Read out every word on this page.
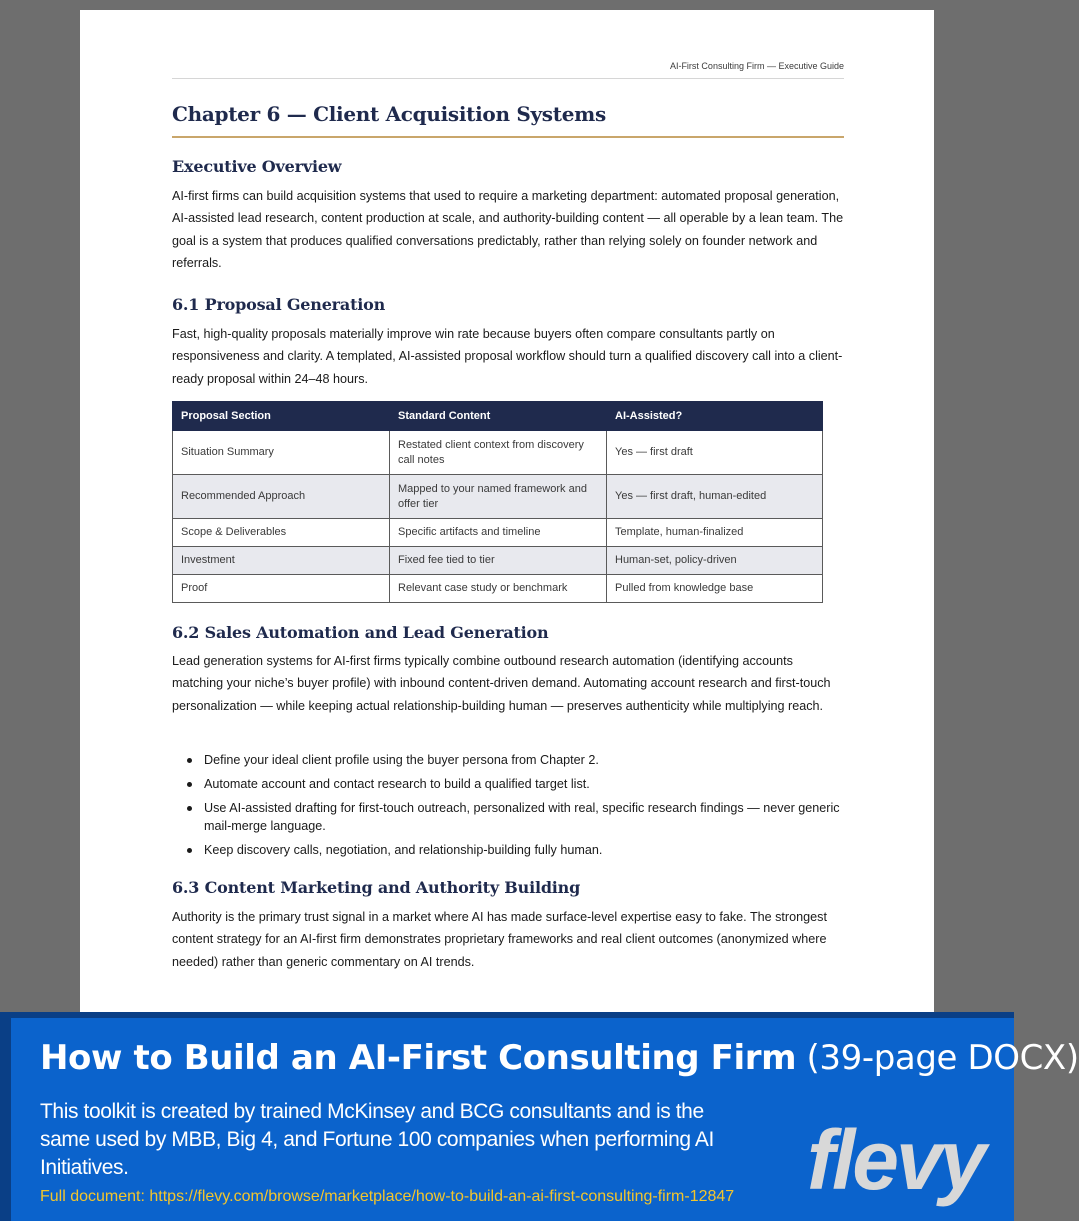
AI-First Consulting Firm — Executive Guide
Chapter 6 — Client Acquisition Systems
Executive Overview

AI-first firms can build acquisition systems that used to require a marketing department: automated proposal generation, AI-assisted lead research, content production at scale, and authority-building content — all operable by a lean team. The goal is a system that produces qualified conversations predictably, rather than relying solely on founder network and referrals.

6.1 Proposal Generation

Fast, high-quality proposals materially improve win rate because buyers often compare consultants partly on responsiveness and clarity. A templated, AI-assisted proposal workflow should turn a qualified discovery call into a client-ready proposal within 24–48 hours.

Proposal Section	Standard Content	AI-Assisted?
Situation Summary	Restated client context from discovery call notes	Yes — first draft
Recommended Approach	Mapped to your named framework and offer tier	Yes — first draft, human-edited
Scope & Deliverables	Specific artifacts and timeline	Template, human-finalized
Investment	Fixed fee tied to tier	Human-set, policy-driven
Proof	Relevant case study or benchmark	Pulled from knowledge base
6.2 Sales Automation and Lead Generation

Lead generation systems for AI-first firms typically combine outbound research automation (identifying accounts matching your niche’s buyer profile) with inbound content-driven demand. Automating account research and first-touch personalization — while keeping actual relationship-building human — preserves authenticity while multiplying reach.

Define your ideal client profile using the buyer persona from Chapter 2.
Automate account and contact research to build a qualified target list.
Use AI-assisted drafting for first-touch outreach, personalized with real, specific research findings — never generic mail-merge language.
Keep discovery calls, negotiation, and relationship-building fully human.
6.3 Content Marketing and Authority Building

Authority is the primary trust signal in a market where AI has made surface-level expertise easy to fake. The strongest content strategy for an AI-first firm demonstrates proprietary frameworks and real client outcomes (anonymized where needed) rather than generic commentary on AI trends.

How to Build an AI-First Consulting Firm (39-page DOCX)

This toolkit is created by trained McKinsey and BCG consultants and is the same used by MBB, Big 4, and Fortune 100 companies when performing AI Initiatives.

Full document: https://flevy.com/browse/marketplace/how-to-build-an-ai-first-consulting-firm-12847 flevy
